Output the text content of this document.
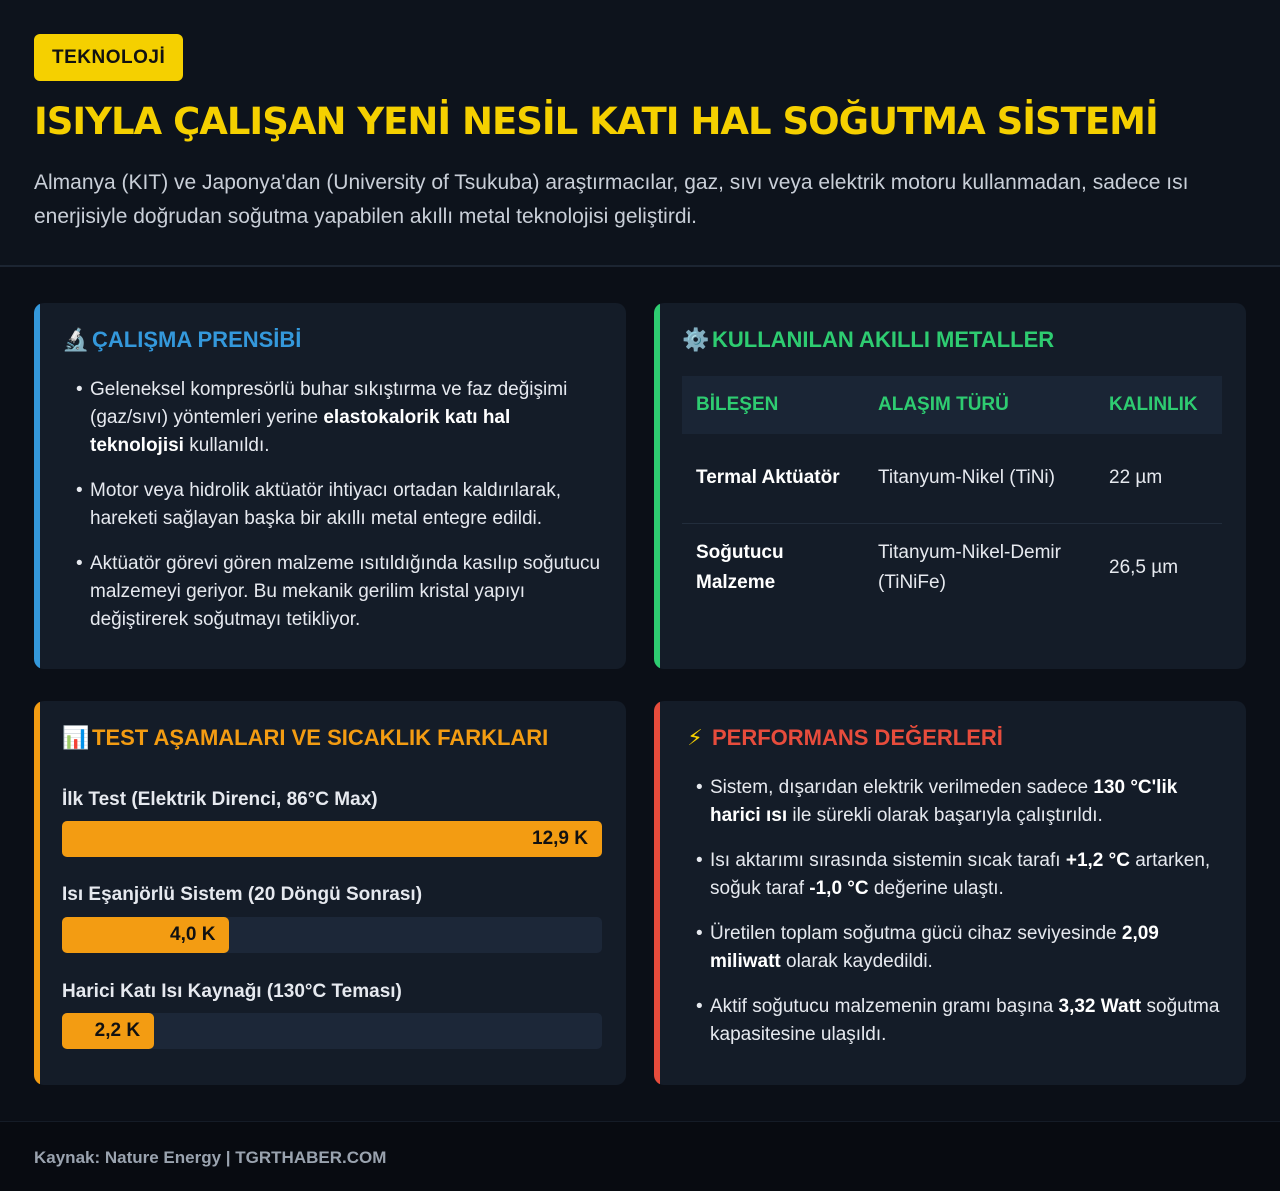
TEKNOLOJİ
ISIYLA ÇALIŞAN YENİ NESİL KATI HAL SOĞUTMA SİSTEMİ

Almanya (KIT) ve Japonya'dan (University of Tsukuba) araştırmacılar, gaz, sıvı veya elektrik motoru kullanmadan, sadece ısı enerjisiyle doğrudan soğutma yapabilen akıllı metal teknolojisi geliştirdi.

🔬 ÇALIŞMA PRENSİBİ
• Geleneksel kompresörlü buhar sıkıştırma ve faz değişimi (gaz/sıvı) yöntemleri yerine elastokalorik katı hal teknolojisi kullanıldı.
• Motor veya hidrolik aktüatör ihtiyacı ortadan kaldırılarak, hareketi sağlayan başka bir akıllı metal entegre edildi.
• Aktüatör görevi gören malzeme ısıtıldığında kasılıp soğutucu malzemeyi geriyor. Bu mekanik gerilim kristal yapıyı değiştirerek soğutmayı tetikliyor.
⚙️ KULLANILAN AKILLI METALLER
BİLEŞEN	ALAŞIM TÜRÜ	KALINLIK
Termal Aktüatör	Titanyum-Nikel (TiNi)	22 µm
Soğutucu Malzeme	Titanyum-Nikel-Demir (TiNiFe)	26,5 µm
📊 TEST AŞAMALARI VE SICAKLIK FARKLARI
İlk Test (Elektrik Direnci, 86°C Max)
12,9 K
Isı Eşanjörlü Sistem (20 Döngü Sonrası)
4,0 K
Harici Katı Isı Kaynağı (130°C Teması)
2,2 K
⚡ PERFORMANS DEĞERLERİ
• Sistem, dışarıdan elektrik verilmeden sadece 130 °C'lik harici ısı ile sürekli olarak başarıyla çalıştırıldı.
• Isı aktarımı sırasında sistemin sıcak tarafı +1,2 °C artarken, soğuk taraf -1,0 °C değerine ulaştı.
• Üretilen toplam soğutma gücü cihaz seviyesinde 2,09 miliwatt olarak kaydedildi.
• Aktif soğutucu malzemenin gramı başına 3,32 Watt soğutma kapasitesine ulaşıldı.
Kaynak: Nature Energy | TGRTHABER.COM
